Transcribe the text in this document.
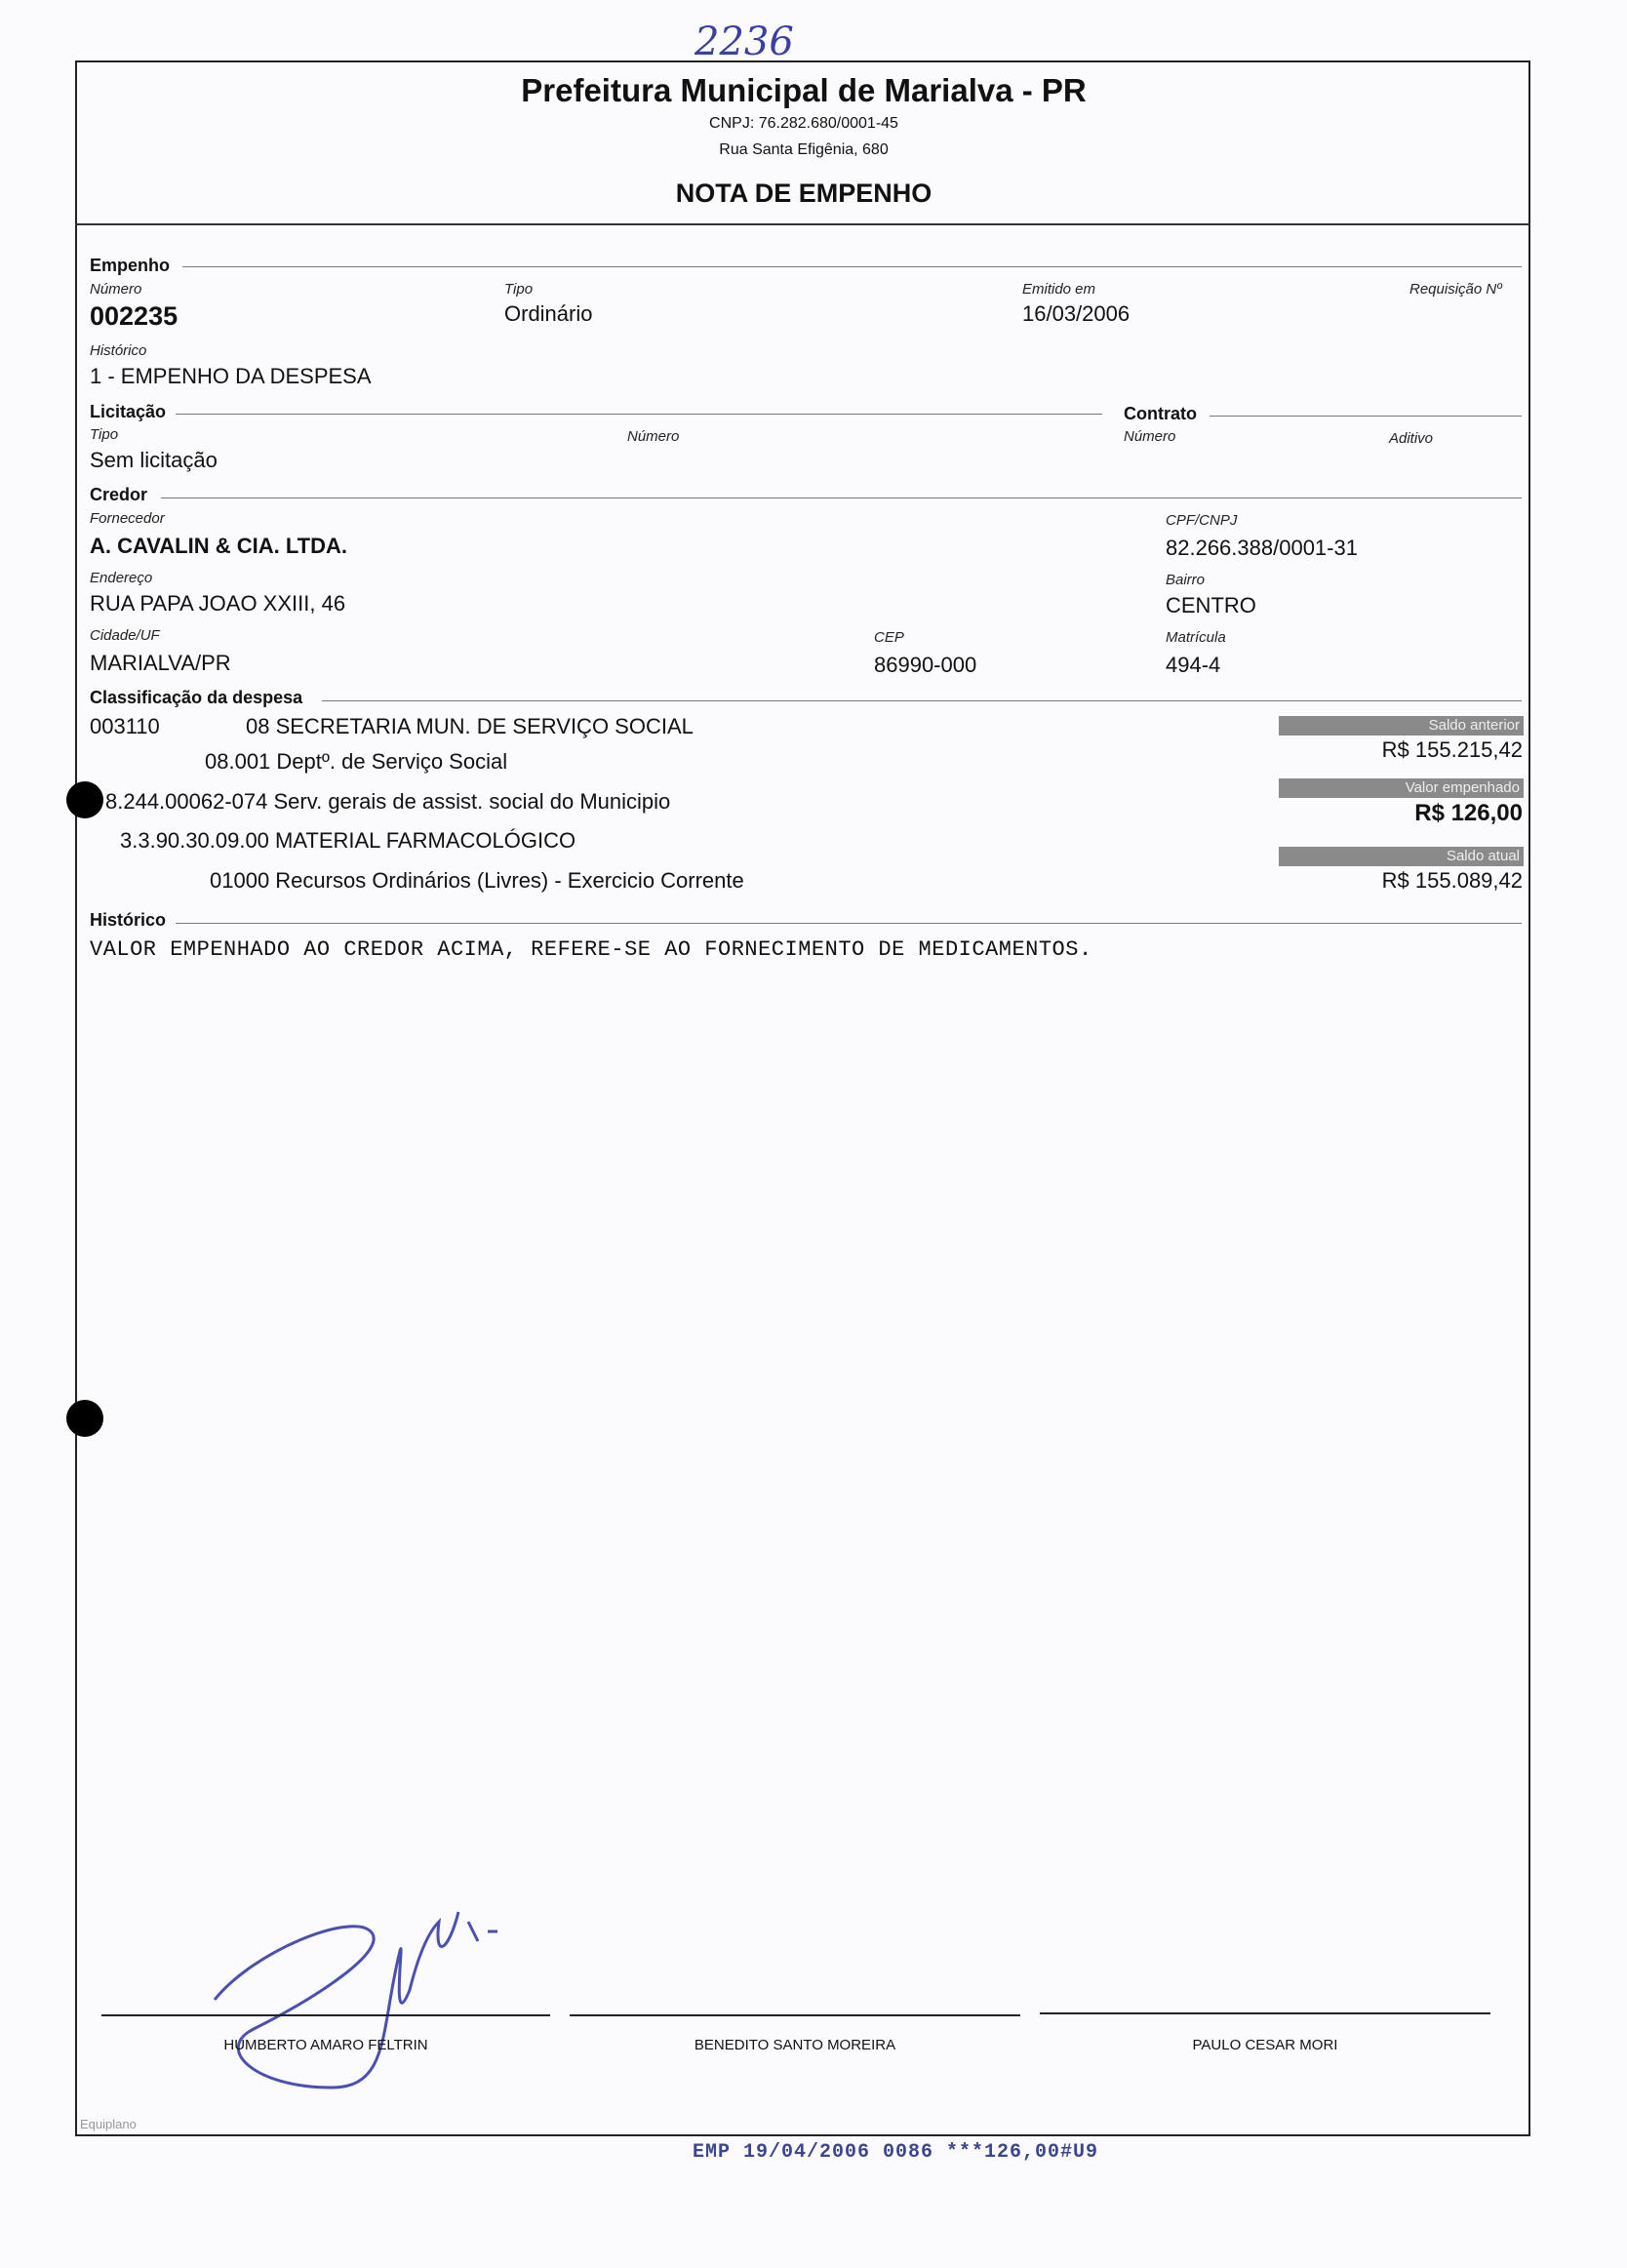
2236
Prefeitura Municipal de Marialva - PR
CNPJ: 76.282.680/0001-45
Rua Santa Efigênia, 680
NOTA DE EMPENHO
Empenho
Número
002235
Tipo
Ordinário
Emitido em
16/03/2006
Requisição Nº
Histórico
1 - EMPENHO DA DESPESA
Licitação	Contrato
Tipo
Sem licitação
Número	Número	Aditivo
Credor
Fornecedor
A. CAVALIN & CIA. LTDA.
CPF/CNPJ
82.266.388/0001-31
Endereço
RUA PAPA JOAO XXIII, 46
Bairro
CENTRO
Cidade/UF
MARIALVA/PR
CEP
86990-000
Matrícula
494-4
Classificação da despesa
003110	08 SECRETARIA MUN. DE SERVIÇO SOCIAL
08.001 Deptº. de Serviço Social
8.244.00062-074 Serv. gerais de assist. social do Municipio
3.3.90.30.09.00 MATERIAL FARMACOLÓGICO
01000 Recursos Ordinários (Livres) - Exercicio Corrente
Saldo anterior
R$ 155.215,42
Valor empenhado
R$ 126,00
Saldo atual
R$ 155.089,42
Histórico
VALOR EMPENHADO AO CREDOR ACIMA, REFERE-SE AO FORNECIMENTO DE MEDICAMENTOS.
HUMBERTO AMARO FELTRIN	BENEDITO SANTO MOREIRA	PAULO CESAR MORI
Equiplano
EMP 19/04/2006 0086 ***126,00#U9
